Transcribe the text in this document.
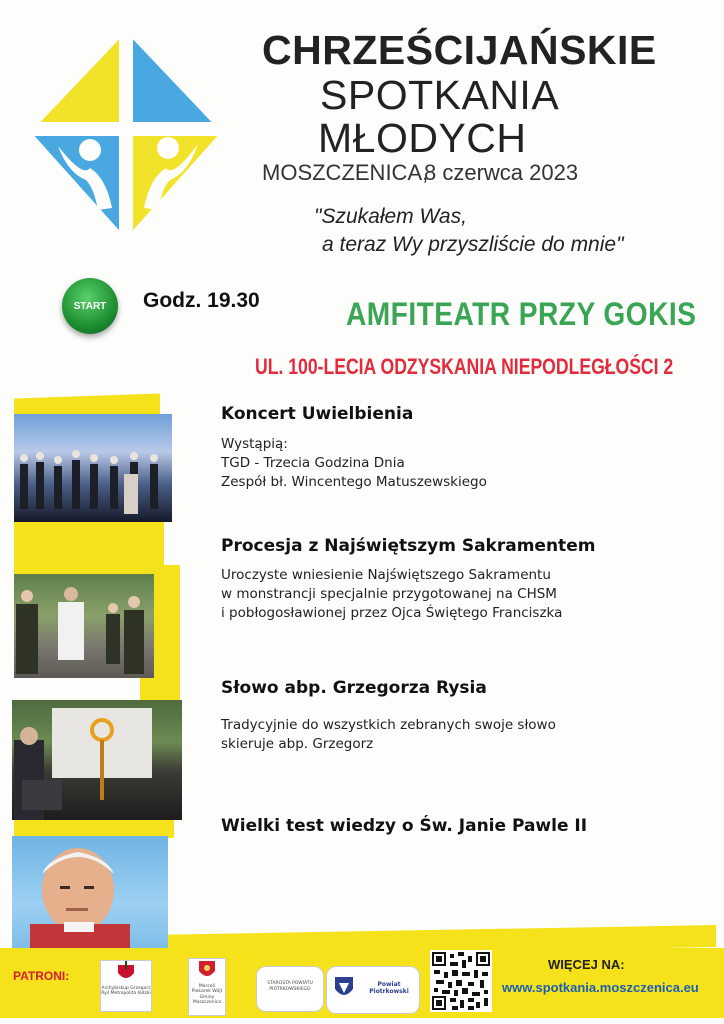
CHRZEŚCIJAŃSKIE
SPOTKANIA
MŁODYCH
MOSZCZENICA,
8 czerwca 2023
"Szukałem Was,
a teraz Wy przyszliście do mnie"
START	Godz. 19.30	AMFITEATR PRZY GOKIS
UL. 100-LECIA ODZYSKANIA NIEPODLEGŁOŚCI 2
Koncert Uwielbienia
Wystąpią:
TGD - Trzecia Godzina Dnia
Zespół bł. Wincentego Matuszewskiego
Procesja z Najświętszym Sakramentem
Uroczyste wniesienie Najświętszego Sakramentu
w monstrancji specjalnie przygotowanej na CHSM
i pobłogosławionej przez Ojca Świętego Franciszka
Słowo abp. Grzegorza Rysia
Tradycyjnie do wszystkich zebranych swoje słowo
skieruje abp. Grzegorz
Wielki test wiedzy o Św. Janie Pawle II
PATRONI:
Archybiskup Grzegorz Ryś Metropolita łódzki
Marceli Piekarek Wójt Gminy Moszczenica
STAROSTA POWIATU PIOTRKOWSKIEGO
Powiat Piotrkowski
WIĘCEJ NA:
www.spotkania.moszczenica.eu
